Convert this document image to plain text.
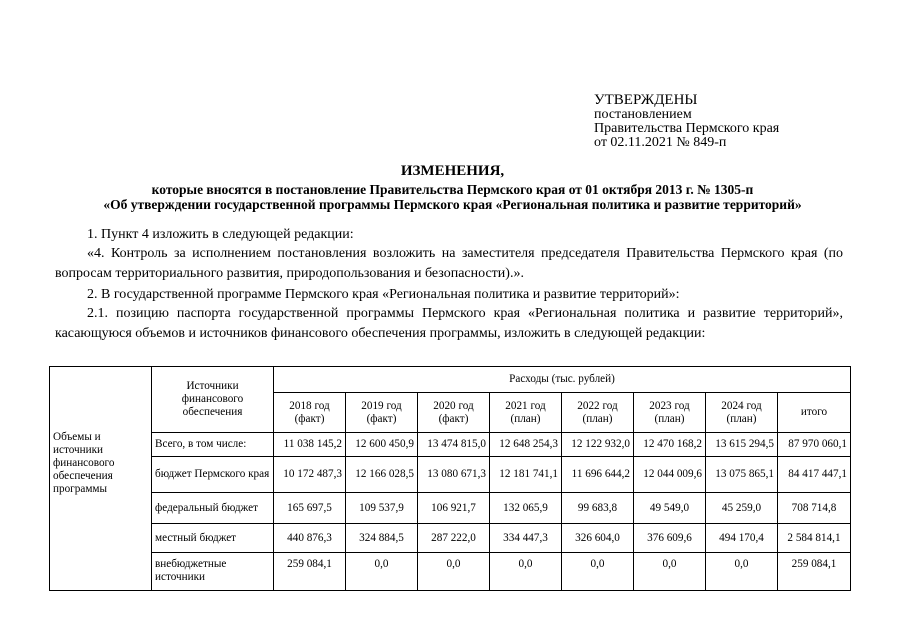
УТВЕРЖДЕНЫ
постановлением
Правительства Пермского края
от 02.11.2021 № 849-п
ИЗМЕНЕНИЯ,
которые вносятся в постановление Правительства Пермского края от 01 октября 2013 г. № 1305-п
«Об утверждении государственной программы Пермского края «Региональная политика и развитие территорий»
1. Пункт 4 изложить в следующей редакции:
«4. Контроль за исполнением постановления возложить на заместителя председателя Правительства Пермского края (по вопросам территориального развития, природопользования и безопасности).».
2. В государственной программе Пермского края «Региональная политика и развитие территорий»:
2.1. позицию паспорта государственной программы Пермского края «Региональная политика и развитие территорий», касающуюся объемов и источников финансового обеспечения программы, изложить в следующей редакции:
Объемы и источники финансового обеспечения программы	Источники финансового обеспечения	Расходы (тыс. рублей)							
		2018 год (факт)	2019 год (факт)	2020 год (факт)	2021 год (план)	2022 год (план)	2023 год (план)	2024 год (план)	итого
	Всего, в том числе:	11 038 145,2	12 600 450,9	13 474 815,0	12 648 254,3	12 122 932,0	12 470 168,2	13 615 294,5	87 970 060,1
	бюджет Пермского края	10 172 487,3	12 166 028,5	13 080 671,3	12 181 741,1	11 696 644,2	12 044 009,6	13 075 865,1	84 417 447,1
	федеральный бюджет	165 697,5	109 537,9	106 921,7	132 065,9	99 683,8	49 549,0	45 259,0	708 714,8
	местный бюджет	440 876,3	324 884,5	287 222,0	334 447,3	326 604,0	376 609,6	494 170,4	2 584 814,1
	внебюджетные источники	259 084,1	0,0	0,0	0,0	0,0	0,0	0,0	259 084,1
